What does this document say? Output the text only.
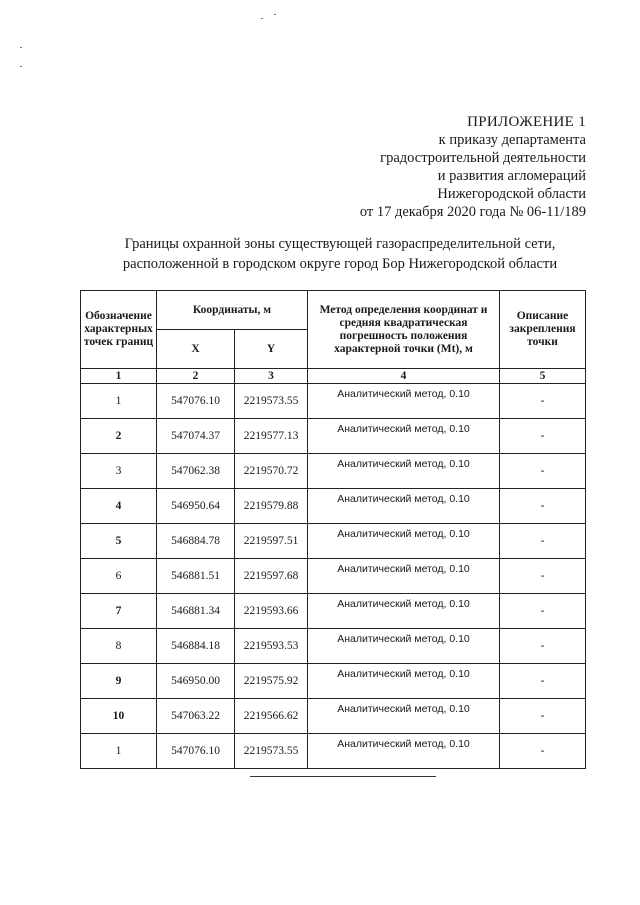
ПРИЛОЖЕНИЕ 1
к приказу департамента
градостроительной деятельности
и развития агломераций
Нижегородской области
от 17 декабря 2020 года № 06-11/189
Границы охранной зоны существующей газораспределительной сети,
расположенной в городском округе город Бор Нижегородской области
Обозначение характерных точек границ	Координаты, м		Метод определения координат и средняя квадратическая погрешность положения характерной точки (Mt), м	Описание закрепления точки
	X	Y		
1	2	3	4	5
1	547076.10	2219573.55	Аналитический метод, 0.10	-
2	547074.37	2219577.13	Аналитический метод, 0.10	-
3	547062.38	2219570.72	Аналитический метод, 0.10	-
4	546950.64	2219579.88	Аналитический метод, 0.10	-
5	546884.78	2219597.51	Аналитический метод, 0.10	-
6	546881.51	2219597.68	Аналитический метод, 0.10	-
7	546881.34	2219593.66	Аналитический метод, 0.10	-
8	546884.18	2219593.53	Аналитический метод, 0.10	-
9	546950.00	2219575.92	Аналитический метод, 0.10	-
10	547063.22	2219566.62	Аналитический метод, 0.10	-
1	547076.10	2219573.55	Аналитический метод, 0.10	-
